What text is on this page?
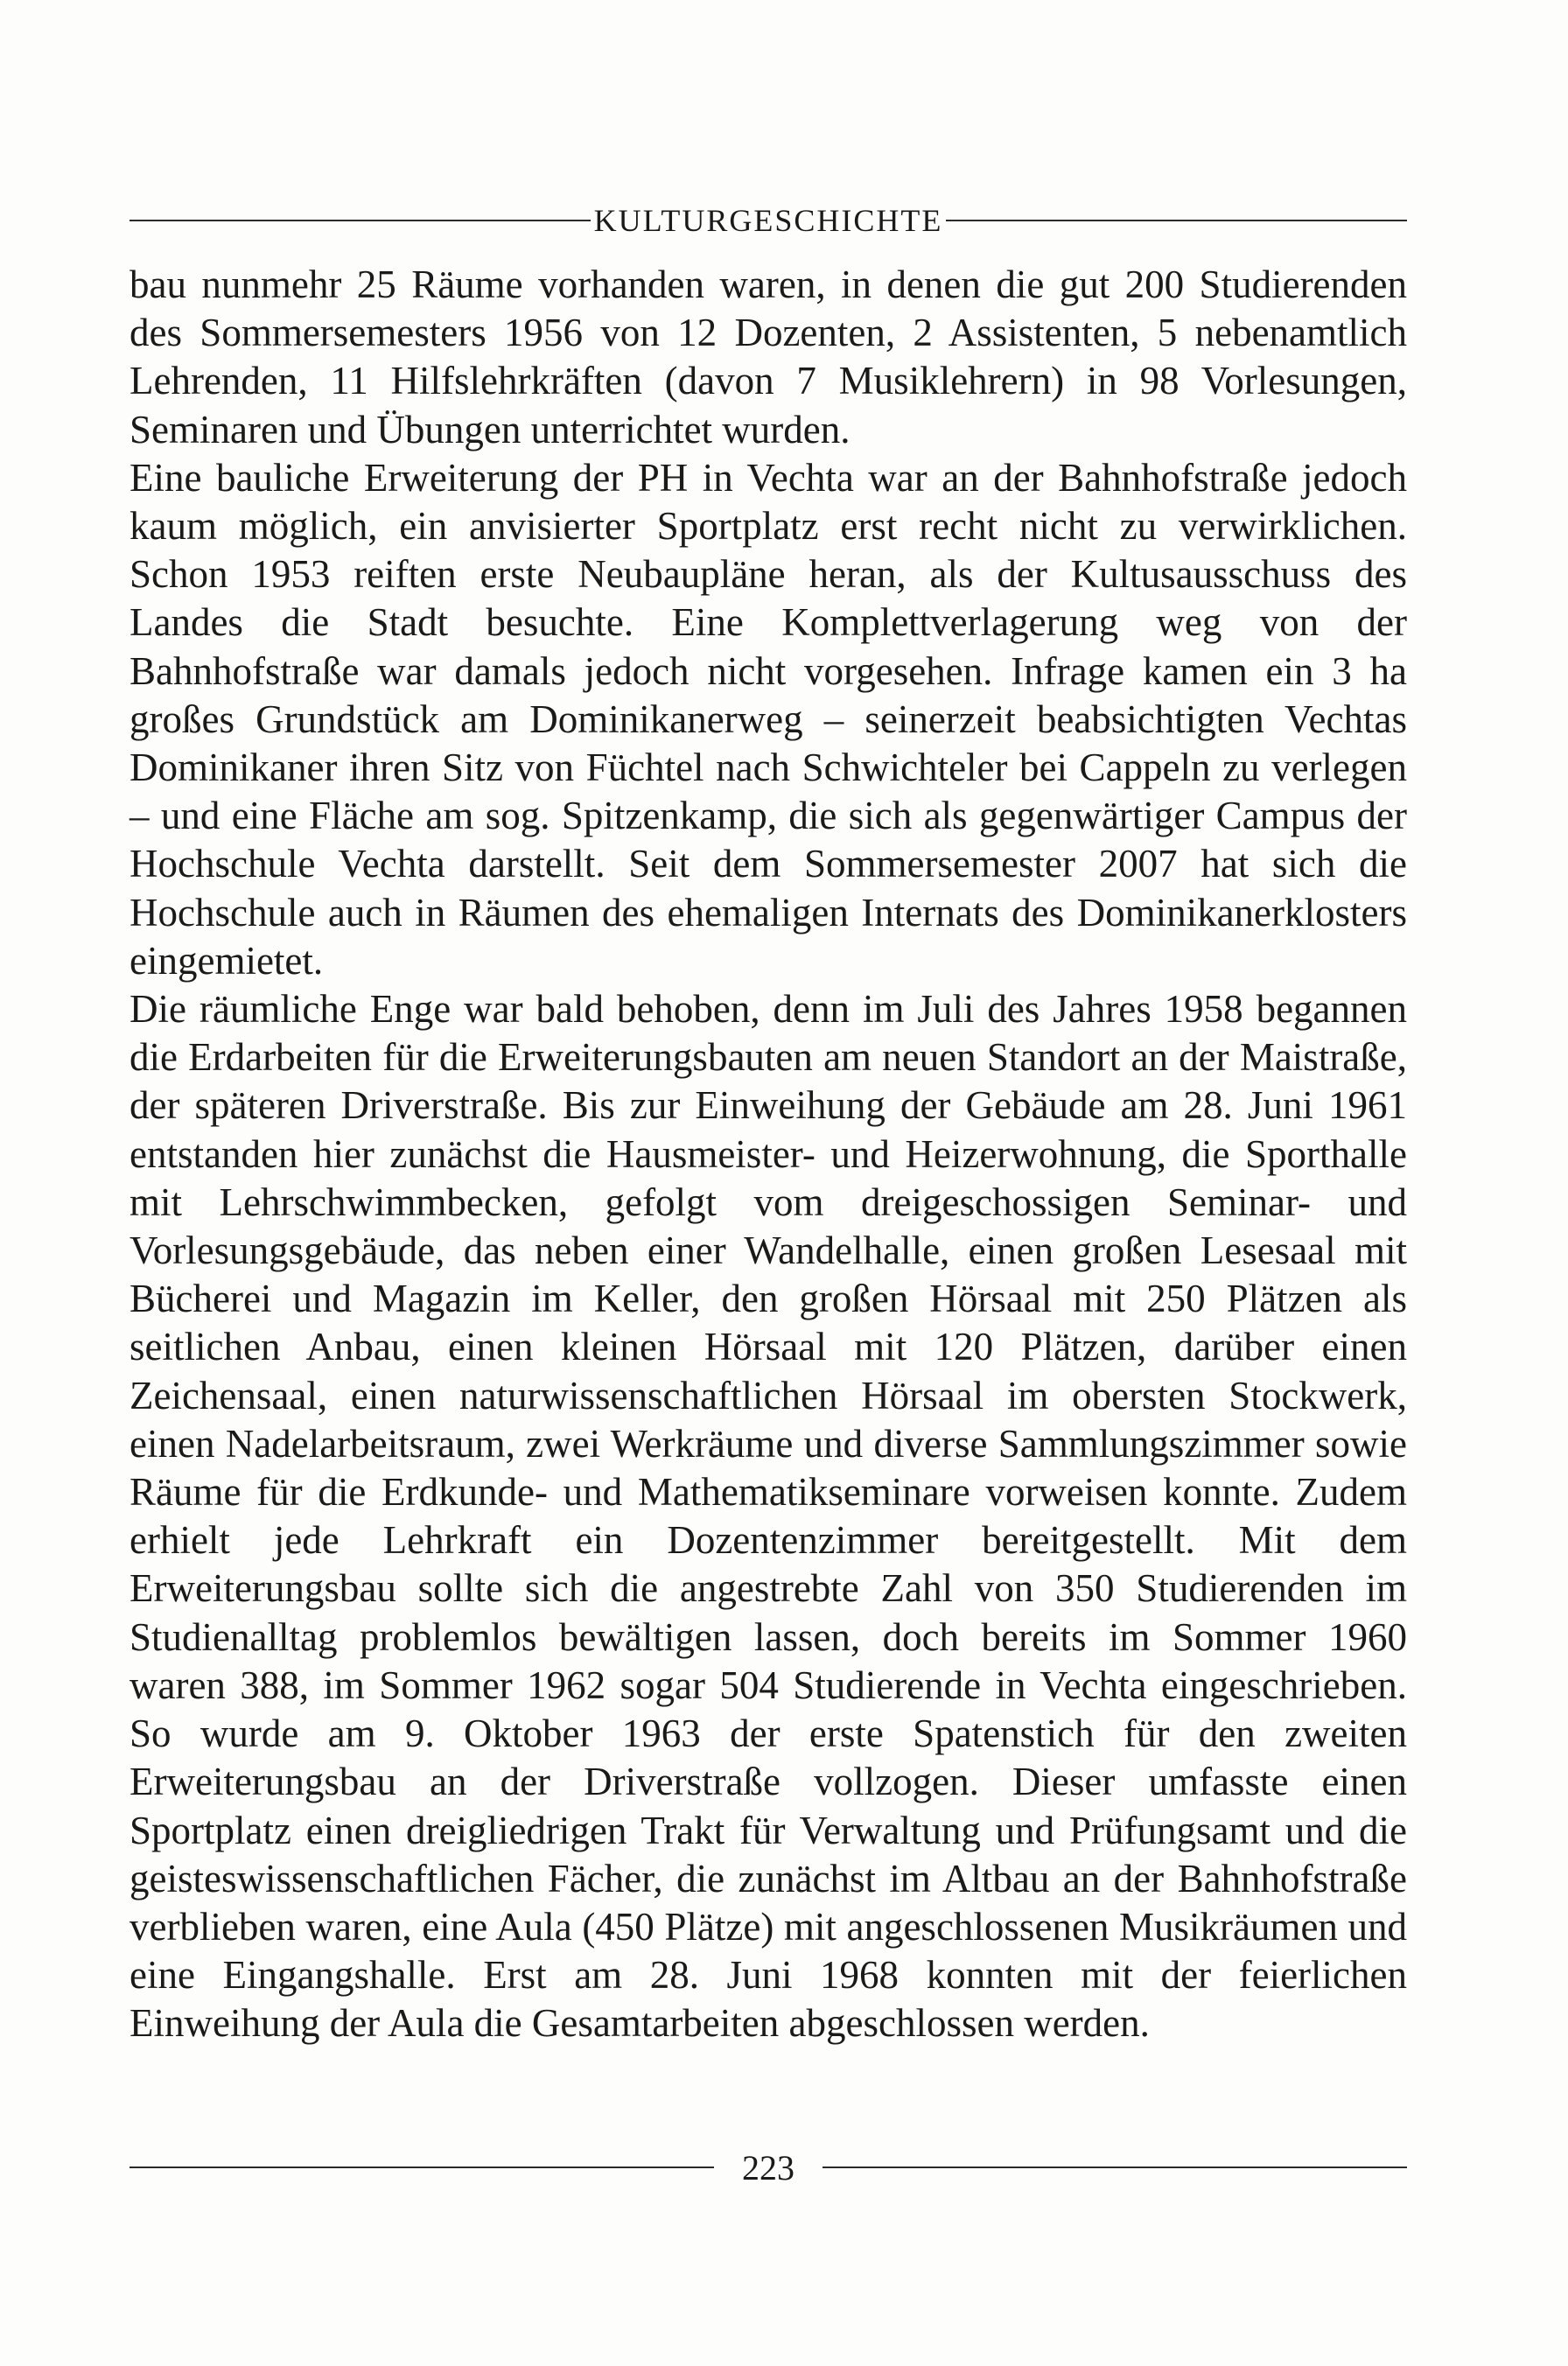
KULTURGESCHICHTE

bau nunmehr 25 Räume vorhanden waren, in denen die gut 200 Studierenden des Sommersemesters 1956 von 12 Dozenten, 2 Assistenten, 5 nebenamtlich Lehrenden, 11 Hilfslehrkräften (davon 7 Musiklehrern) in 98 Vorlesungen, Seminaren und Übungen unterrichtet wurden.

Eine bauliche Erweiterung der PH in Vechta war an der Bahnhofstraße jedoch kaum möglich, ein anvisierter Sportplatz erst recht nicht zu verwirklichen. Schon 1953 reiften erste Neubaupläne heran, als der Kultusausschuss des Landes die Stadt besuchte. Eine Komplettverlagerung weg von der Bahnhofstraße war damals jedoch nicht vorgesehen. Infrage kamen ein 3 ha großes Grundstück am Dominikanerweg – seinerzeit beabsichtigten Vechtas Dominikaner ihren Sitz von Füchtel nach Schwichteler bei Cappeln zu verlegen – und eine Fläche am sog. Spitzenkamp, die sich als gegenwärtiger Campus der Hochschule Vechta darstellt. Seit dem Sommersemester 2007 hat sich die Hochschule auch in Räumen des ehemaligen Internats des Dominikanerklosters eingemietet.

Die räumliche Enge war bald behoben, denn im Juli des Jahres 1958 begannen die Erdarbeiten für die Erweiterungsbauten am neuen Standort an der Maistraße, der späteren Driverstraße. Bis zur Einweihung der Gebäude am 28. Juni 1961 entstanden hier zunächst die Hausmeister- und Heizerwohnung, die Sporthalle mit Lehrschwimmbecken, gefolgt vom dreigeschossigen Seminar- und Vorlesungsgebäude, das neben einer Wandelhalle, einen großen Lesesaal mit Bücherei und Magazin im Keller, den großen Hörsaal mit 250 Plätzen als seitlichen Anbau, einen kleinen Hörsaal mit 120 Plätzen, darüber einen Zeichensaal, einen naturwissenschaftlichen Hörsaal im obersten Stockwerk, einen Nadelarbeitsraum, zwei Werkräume und diverse Sammlungszimmer sowie Räume für die Erdkunde- und Mathematikseminare vorweisen konnte. Zudem erhielt jede Lehrkraft ein Dozentenzimmer bereitgestellt. Mit dem Erweiterungsbau sollte sich die angestrebte Zahl von 350 Studierenden im Studienalltag problemlos bewältigen lassen, doch bereits im Sommer 1960 waren 388, im Sommer 1962 sogar 504 Studierende in Vechta eingeschrieben. So wurde am 9. Oktober 1963 der erste Spatenstich für den zweiten Erweiterungsbau an der Driverstraße vollzogen. Dieser umfasste einen Sportplatz einen dreigliedrigen Trakt für Verwaltung und Prüfungsamt und die geisteswissenschaftlichen Fächer, die zunächst im Altbau an der Bahnhofstraße verblieben waren, eine Aula (450 Plätze) mit angeschlossenen Musikräumen und eine Eingangshalle. Erst am 28. Juni 1968 konnten mit der feierlichen Einweihung der Aula die Gesamtarbeiten abgeschlossen werden.

223
